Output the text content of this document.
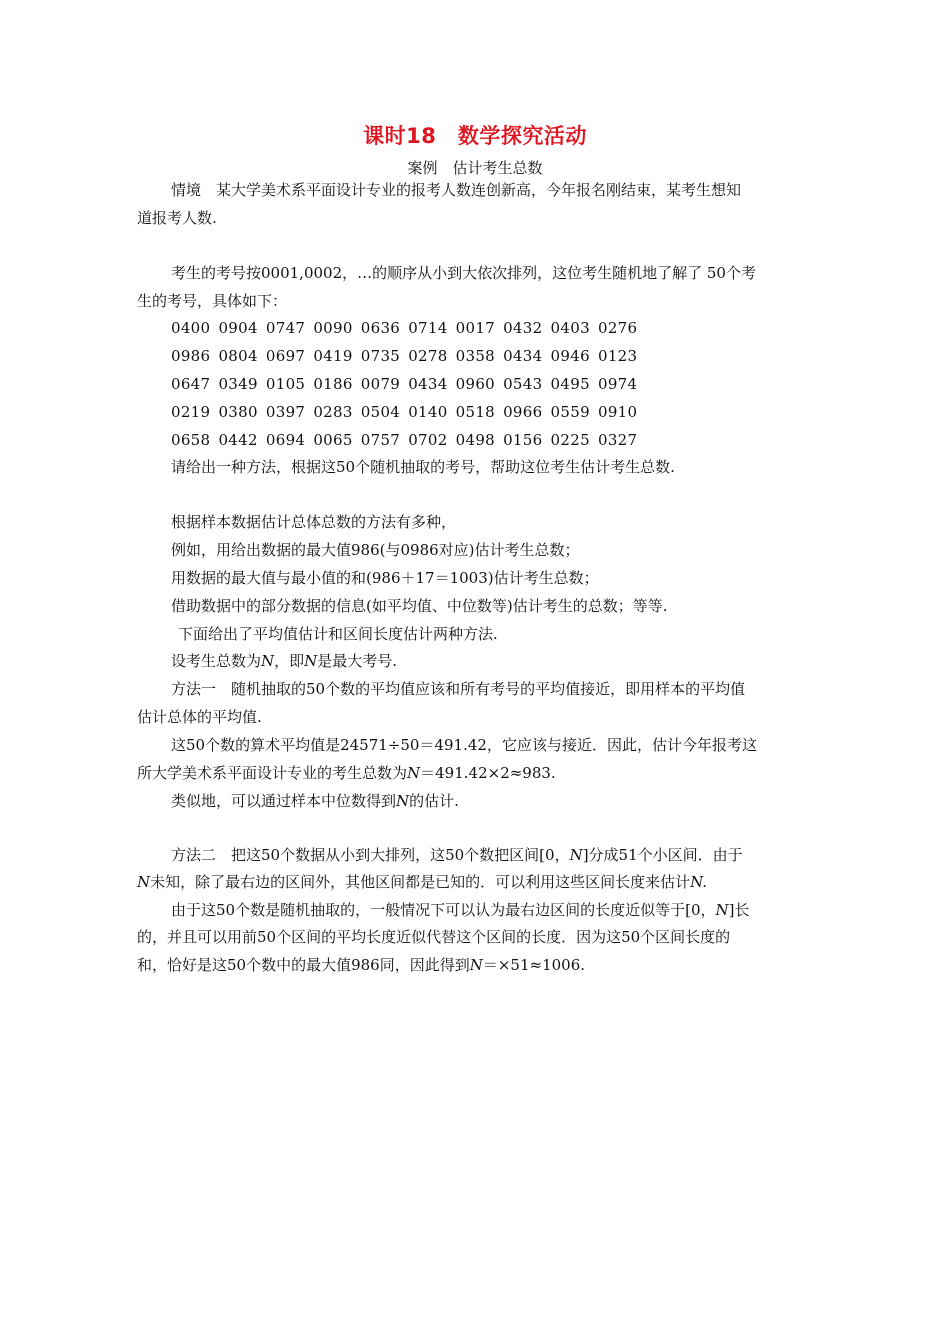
课时18　数学探究活动
案例　估计考生总数
情境　某大学美术系平面设计专业的报考人数连创新高，今年报名刚结束，某考生想知
道报考人数.
考生的考号按0001,0002，…的顺序从小到大依次排列，这位考生随机地了解了 50个考
生的考号，具体如下：
0400 0904 0747 0090 0636 0714 0017 0432 0403 0276
0986 0804 0697 0419 0735 0278 0358 0434 0946 0123
0647 0349 0105 0186 0079 0434 0960 0543 0495 0974
0219 0380 0397 0283 0504 0140 0518 0966 0559 0910
0658 0442 0694 0065 0757 0702 0498 0156 0225 0327
请给出一种方法，根据这50个随机抽取的考号，帮助这位考生估计考生总数.
根据样本数据估计总体总数的方法有多种，
例如，用给出数据的最大值986(与0986对应)估计考生总数；
用数据的最大值与最小值的和(986＋17＝1003)估计考生总数；
借助数据中的部分数据的信息(如平均值、中位数等)估计考生的总数；等等.
下面给出了平均值估计和区间长度估计两种方法.
设考生总数为N，即N是最大考号.
方法一　随机抽取的50个数的平均值应该和所有考号的平均值接近，即用样本的平均值
估计总体的平均值.
这50个数的算术平均值是24571÷50＝491.42，它应该与接近．因此，估计今年报考这
所大学美术系平面设计专业的考生总数为N＝491.42×2≈983.
类似地，可以通过样本中位数得到N的估计.
方法二　把这50个数据从小到大排列，这50个数把区间[0，N]分成51个小区间．由于
N未知，除了最右边的区间外，其他区间都是已知的．可以利用这些区间长度来估计N.
由于这50个数是随机抽取的，一般情况下可以认为最右边区间的长度近似等于[0，N]长
的，并且可以用前50个区间的平均长度近似代替这个区间的长度．因为这50个区间长度的
和，恰好是这50个数中的最大值986同，因此得到N＝×51≈1006.
